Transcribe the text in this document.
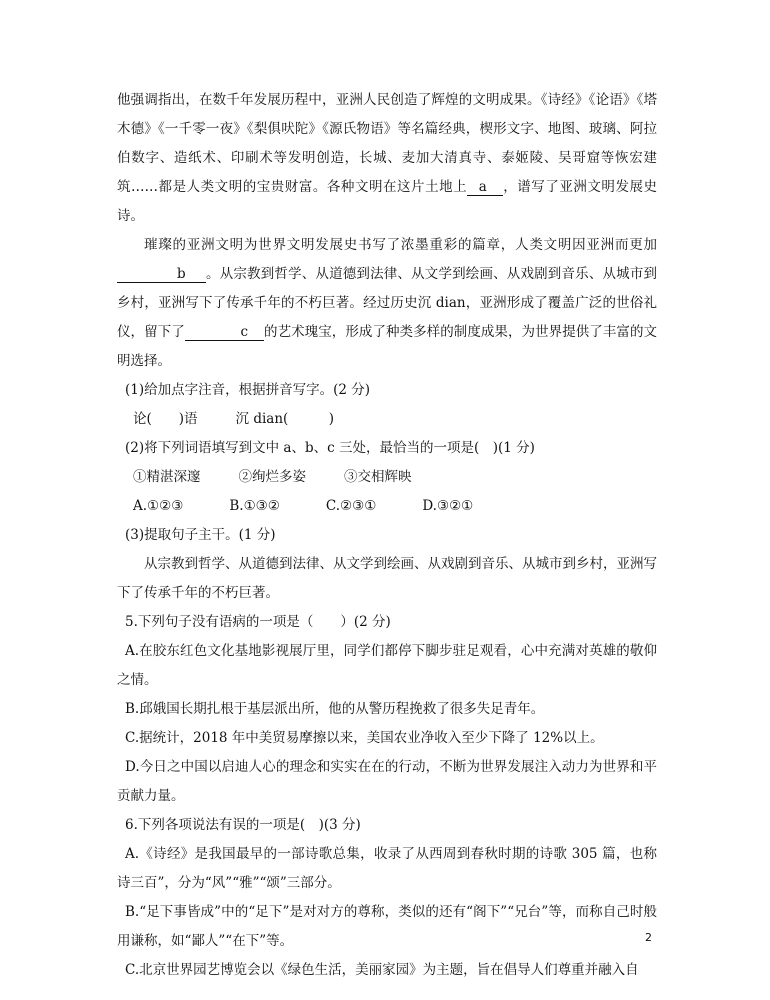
他强调指出，在数千年发展历程中，亚洲人民创造了辉煌的文明成果。《诗经》《论语》《塔木德》《一千零一夜》《梨俱吠陀》《源氏物语》等名篇经典，楔形文字、地图、玻璃、阿拉伯数字、造纸术、印刷术等发明创造，长城、麦加大清真寺、泰姬陵、吴哥窟等恢宏建筑……都是人类文明的宝贵财富。各种文明在这片土地上 a ，谱写了亚洲文明发展史诗。

璀璨的亚洲文明为世界文明发展史书写了浓墨重彩的篇章，人类文明因亚洲而更加       b 。从宗教到哲学、从道德到法律、从文学到绘画、从戏剧到音乐、从城市到乡村，亚洲写下了传承千年的不朽巨著。经过历史沉 dian，亚洲形成了覆盖广泛的世俗礼仪，留下了	c 的艺术瑰宝，形成了种类多样的制度成果，为世界提供了丰富的文明选择。

(1)给加点字注音，根据拼音写字。(2 分)

论(　　)语	沉 dian(　　　)

(2)将下列词语填写到文中 a、b、c 三处，最恰当的一项是(　)(1 分)

①精湛深邃	②绚烂多姿	③交相辉映

A.①②③	B.①③②	C.②③①	D.③②①

(3)提取句子主干。(1 分)

从宗教到哲学、从道德到法律、从文学到绘画、从戏剧到音乐、从城市到乡村，亚洲写下了传承千年的不朽巨著。

5.下列句子没有语病的一项是（　　）(2 分)

A.在胶东红色文化基地影视展厅里，同学们都停下脚步驻足观看，心中充满对英雄的敬仰之情。

B.邱娥国长期扎根于基层派出所，他的从警历程挽救了很多失足青年。

C.据统计，2018 年中美贸易摩擦以来，美国农业净收入至少下降了 12%以上。

D.今日之中国以启迪人心的理念和实实在在的行动，不断为世界发展注入动力为世界和平贡献力量。

6.下列各项说法有误的一项是(　)(3 分)

A.《诗经》是我国最早的一部诗歌总集，收录了从西周到春秋时期的诗歌 305 篇，也称诗三百”，分为“风”“雅”“颂”三部分。

B.“足下事皆成”中的“足下”是对对方的尊称，类似的还有“阁下”“兄台”等，而称自己时般用谦称，如“鄙人”“在下”等。

C.北京世界园艺博览会以《绿色生活，美丽家园》为主题，旨在倡导人们尊重并融入自

2
